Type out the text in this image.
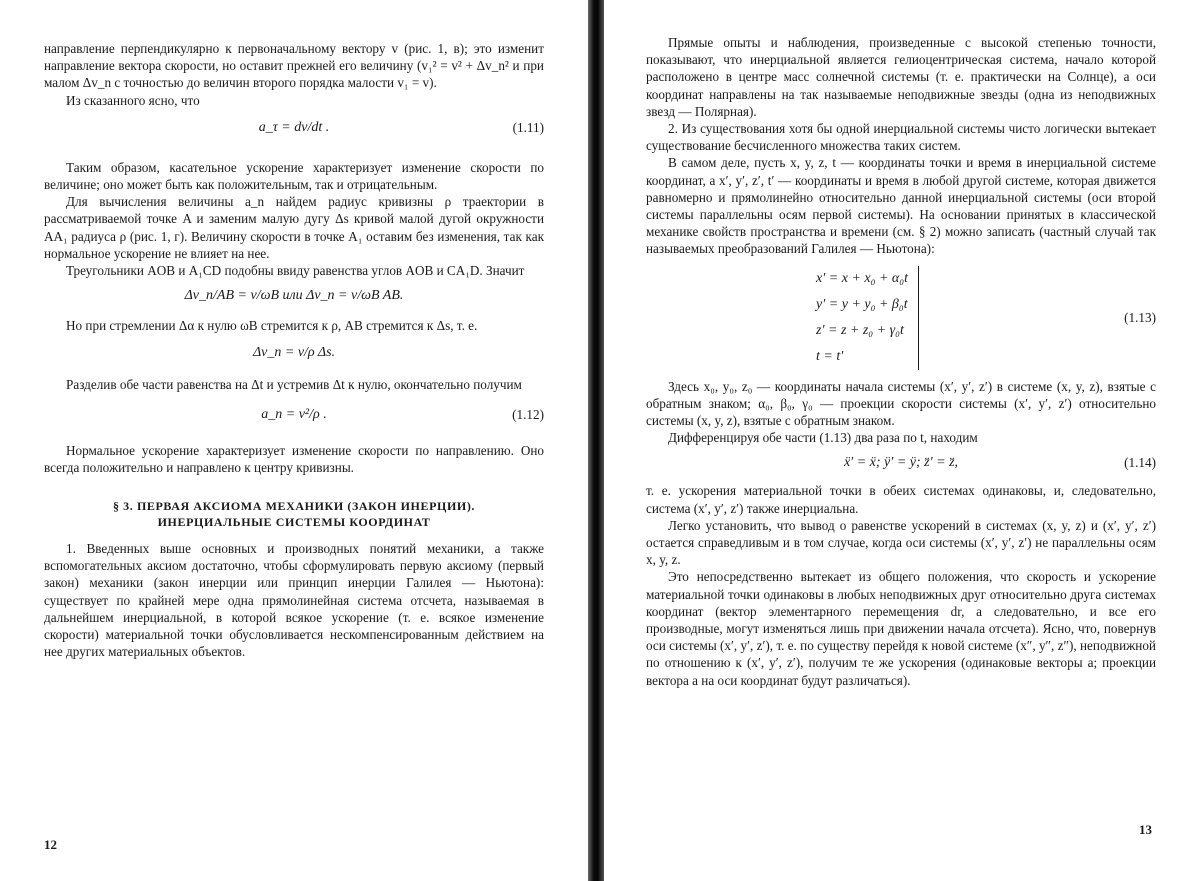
направление перпендикулярно к первоначальному вектору v (рис. 1, в); это изменит направление вектора скорости, но оставит прежней его величину (v₁² = v² + Δv_n² и при малом Δv_n с точностью до величин второго порядка малости v₁ = v).

Из сказанного ясно, что

a_τ = dv/dt .	(1.11)

Таким образом, касательное ускорение характеризует изменение скорости по величине; оно может быть как положительным, так и отрицательным.

Для вычисления величины a_n найдем радиус кривизны ρ траектории в рассматриваемой точке A и заменим малую дугу Δs кривой малой дугой окружности AA₁ радиуса ρ (рис. 1, г). Величину скорости в точке A₁ оставим без изменения, так как нормальное ускорение не влияет на нее.

Треугольники AOB и A₁CD подобны ввиду равенства углов AOB и CA₁D. Значит

Δv_n/AB = v/ωB или Δv_n = v/ωB AB.

Но при стремлении Δα к нулю ωB стремится к ρ, AB стремится к Δs, т. е.

Δv_n = v/ρ Δs.

Разделив обе части равенства на Δt и устремив Δt к нулю, окончательно получим

a_n = v²/ρ .	(1.12)

Нормальное ускорение характеризует изменение скорости по направлению. Оно всегда положительно и направлено к центру кривизны.

§ 3. ПЕРВАЯ АКСИОМА МЕХАНИКИ (ЗАКОН ИНЕРЦИИ).

ИНЕРЦИАЛЬНЫЕ СИСТЕМЫ КООРДИНАТ

1. Введенных выше основных и производных понятий механики, а также вспомогательных аксиом достаточно, чтобы сформулировать первую аксиому (первый закон) механики (закон инерции или принцип инерции Галилея — Ньютона): существует по крайней мере одна прямолинейная система отсчета, называемая в дальнейшем инерциальной, в которой всякое ускорение (т. е. всякое изменение скорости) материальной точки обусловливается нескомпенсированным действием на нее других материальных объектов.

12

Прямые опыты и наблюдения, произведенные с высокой степенью точности, показывают, что инерциальной является гелиоцентрическая система, начало которой расположено в центре масс солнечной системы (т. е. практически на Солнце), а оси координат направлены на так называемые неподвижные звезды (одна из неподвижных звезд — Полярная).

2. Из существования хотя бы одной инерциальной системы чисто логически вытекает существование бесчисленного множества таких систем.

В самом деле, пусть x, y, z, t — координаты точки и время в инерциальной системе координат, а x′, y′, z′, t′ — координаты и время в любой другой системе, которая движется равномерно и прямолинейно относительно данной инерциальной системы (оси второй системы параллельны осям первой системы). На основании принятых в классической механике свойств пространства и времени (см. § 2) можно записать (частный случай так называемых преобразований Галилея — Ньютона):

x′ = x + x₀ + α₀t
y′ = y + y₀ + β₀t
z′ = z + z₀ + γ₀t
t = t′
(1.13)

Здесь x₀, y₀, z₀ — координаты начала системы (x′, y′, z′) в системе (x, y, z), взятые с обратным знаком; α₀, β₀, γ₀ — проекции скорости системы (x′, y′, z′) относительно системы (x, y, z), взятые с обратным знаком.

Дифференцируя обе части (1.13) два раза по t, находим

ẍ′ = ẍ; ÿ′ = ÿ; z̈′ = z̈,	(1.14)

т. е. ускорения материальной точки в обеих системах одинаковы, и, следовательно, система (x′, y′, z′) также инерциальна.

Легко установить, что вывод о равенстве ускорений в системах (x, y, z) и (x′, y′, z′) остается справедливым и в том случае, когда оси системы (x′, y′, z′) не параллельны осям x, y, z.

Это непосредственно вытекает из общего положения, что скорость и ускорение материальной точки одинаковы в любых неподвижных друг относительно друга системах координат (вектор элементарного перемещения dr, а следовательно, и все его производные, могут изменяться лишь при движении начала отсчета). Ясно, что, повернув оси системы (x′, y′, z′), т. е. по существу перейдя к новой системе (x″, y″, z″), неподвижной по отношению к (x′, y′, z′), получим те же ускорения (одинаковые векторы a; проекции вектора a на оси координат будут различаться).

13
